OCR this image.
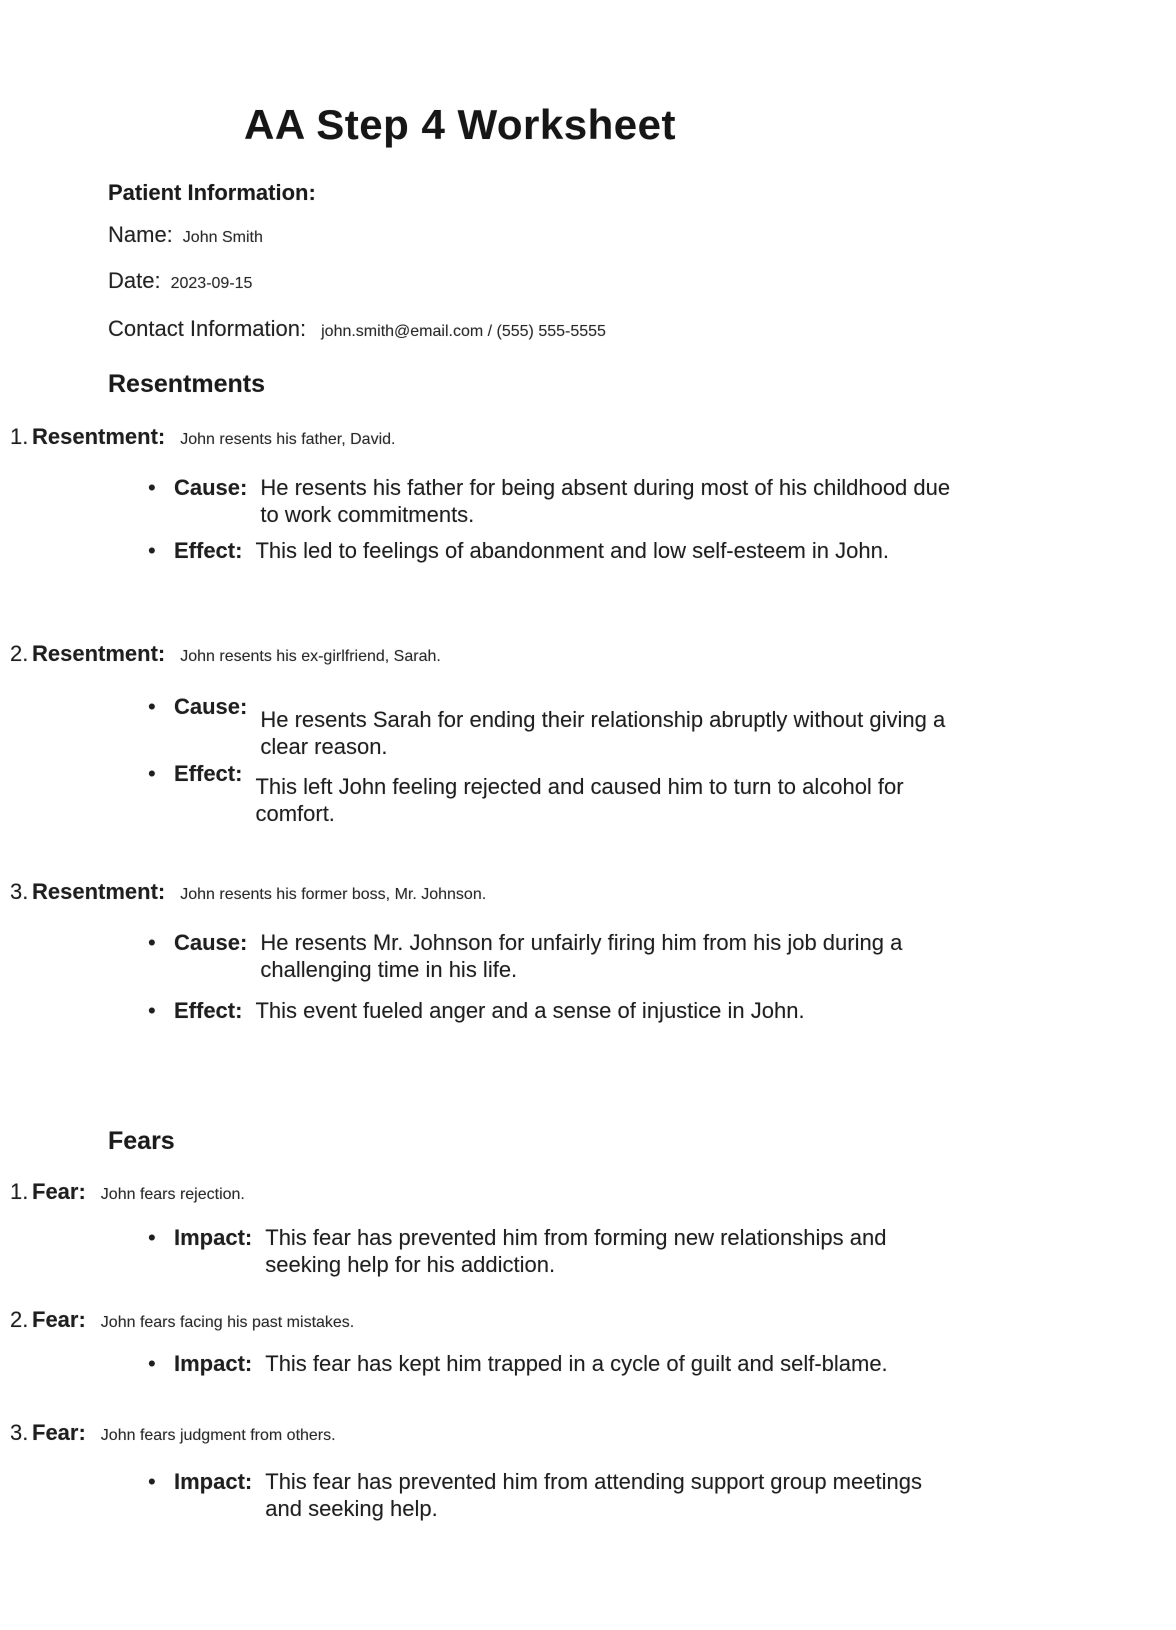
AA Step 4 Worksheet
Patient Information:
Name: John Smith
Date: 2023-09-15
Contact Information: john.smith@email.com / (555) 555-5555
Resentments
1. Resentment: John resents his father, David.
• Cause: He resents his father for being absent during most of his childhood due to work commitments.
• Effect: This led to feelings of abandonment and low self-esteem in John.
2. Resentment: John resents his ex-girlfriend, Sarah.
• Cause:
He resents Sarah for ending their relationship abruptly without giving a clear reason.
• Effect:
This left John feeling rejected and caused him to turn to alcohol for comfort.
3. Resentment: John resents his former boss, Mr. Johnson.
• Cause: He resents Mr. Johnson for unfairly firing him from his job during a challenging time in his life.
• Effect: This event fueled anger and a sense of injustice in John.
Fears
1. Fear: John fears rejection.
• Impact: This fear has prevented him from forming new relationships and seeking help for his addiction.
2. Fear: John fears facing his past mistakes.
• Impact: This fear has kept him trapped in a cycle of guilt and self-blame.
3. Fear: John fears judgment from others.
• Impact: This fear has prevented him from attending support group meetings and seeking help.
